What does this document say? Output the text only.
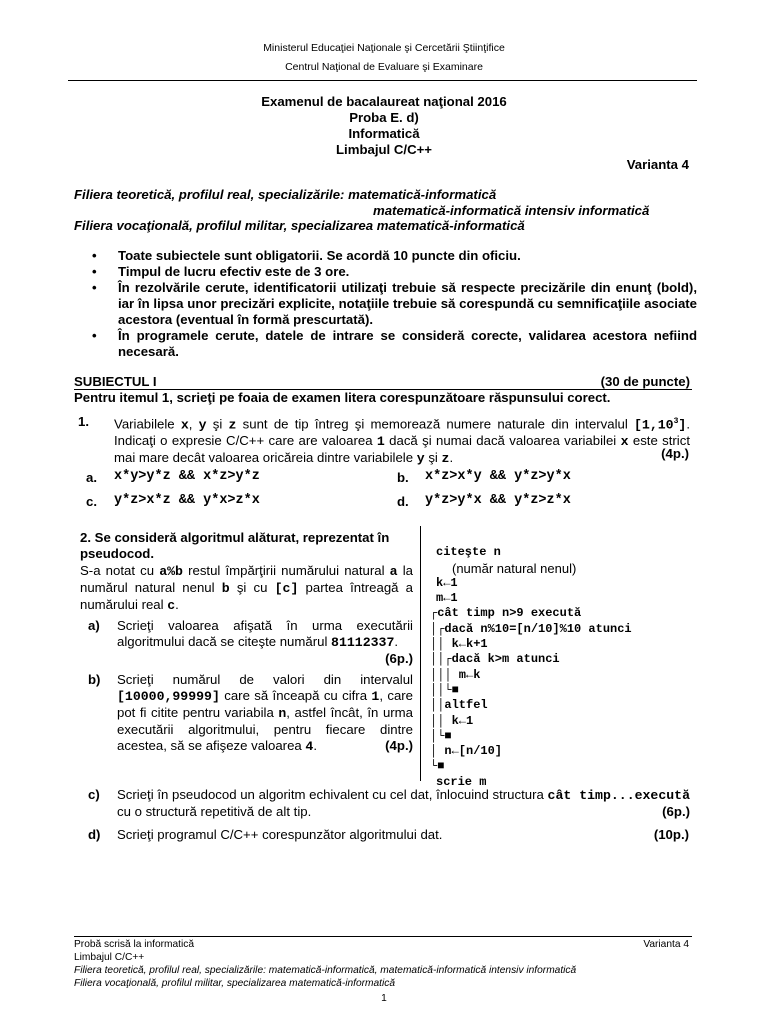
Ministerul Educaţiei Naţionale şi Cercetării Ştiinţifice
Centrul Naţional de Evaluare şi Examinare
Examenul de bacalaureat naţional 2016
Proba E. d)
Informatică
Limbajul C/C++
Varianta 4
Filiera teoretică, profilul real, specializările: matematică-informatică
matematică-informatică intensiv informatică
Filiera vocaţională, profilul militar, specializarea matematică-informatică
• Toate subiectele sunt obligatorii. Se acordă 10 puncte din oficiu.
• Timpul de lucru efectiv este de 3 ore.
• În rezolvările cerute, identificatorii utilizaţi trebuie să respecte precizările din enunţ (bold), iar în lipsa unor precizări explicite, notaţiile trebuie să corespundă cu semnificaţiile asociate acestora (eventual în formă prescurtată).
• În programele cerute, datele de intrare se consideră corecte, validarea acestora nefiind necesară.
SUBIECTUL I	(30 de puncte)
Pentru itemul 1, scrieţi pe foaia de examen litera corespunzătoare răspunsului corect.
1. Variabilele x, y şi z sunt de tip întreg şi memorează numere naturale din intervalul [1,10$^3$]. Indicaţi o expresie C/C++ care are valoarea 1 dacă şi numai dacă valoarea variabilei x este strict mai mare decât valoarea oricăreia dintre variabilele y şi z.	(4p.)
a. x*y>y*z && x*z>y*z	b. x*z>x*y && y*z>y*x
c. y*z>x*z && y*x>z*x	d. y*z>y*x && y*z>z*x
2. Se consideră algoritmul alăturat, reprezentat în pseudocod.
S-a notat cu a%b restul împărţirii numărului natural a la numărul natural nenul b şi cu [c] partea întreagă a numărului real c.
a) Scrieţi valoarea afişată în urma executării algoritmului dacă se citeşte numărul 81112337.
(6p.)
b) Scrieţi numărul de valori din intervalul [10000,99999] care să înceapă cu cifra 1, care pot fi citite pentru variabila n, astfel încât, în urma executării algoritmului, pentru fiecare dintre acestea, să se afişeze valoarea 4.	(4p.)

citeşte n
(număr natural nenul)
k←1
m←1
┌cât timp n>9 execută
│┌dacă n%10=[n/10]%10 atunci
││ k←k+1
││┌dacă k>m atunci
│││ m←k
││└■
││altfel
││ k←1
│└■
│ n←[n/10]
└■
scrie m

c) Scrieţi în pseudocod un algoritm echivalent cu cel dat, înlocuind structura cât timp...execută cu o structură repetitivă de alt tip.	(6p.)
d) Scrieţi programul C/C++ corespunzător algoritmului dat.	(10p.)
Probă scrisă la informatică	Varianta 4
Limbajul C/C++
Filiera teoretică, profilul real, specializările: matematică-informatică, matematică-informatică intensiv informatică
Filiera vocaţională, profilul militar, specializarea matematică-informatică
1
